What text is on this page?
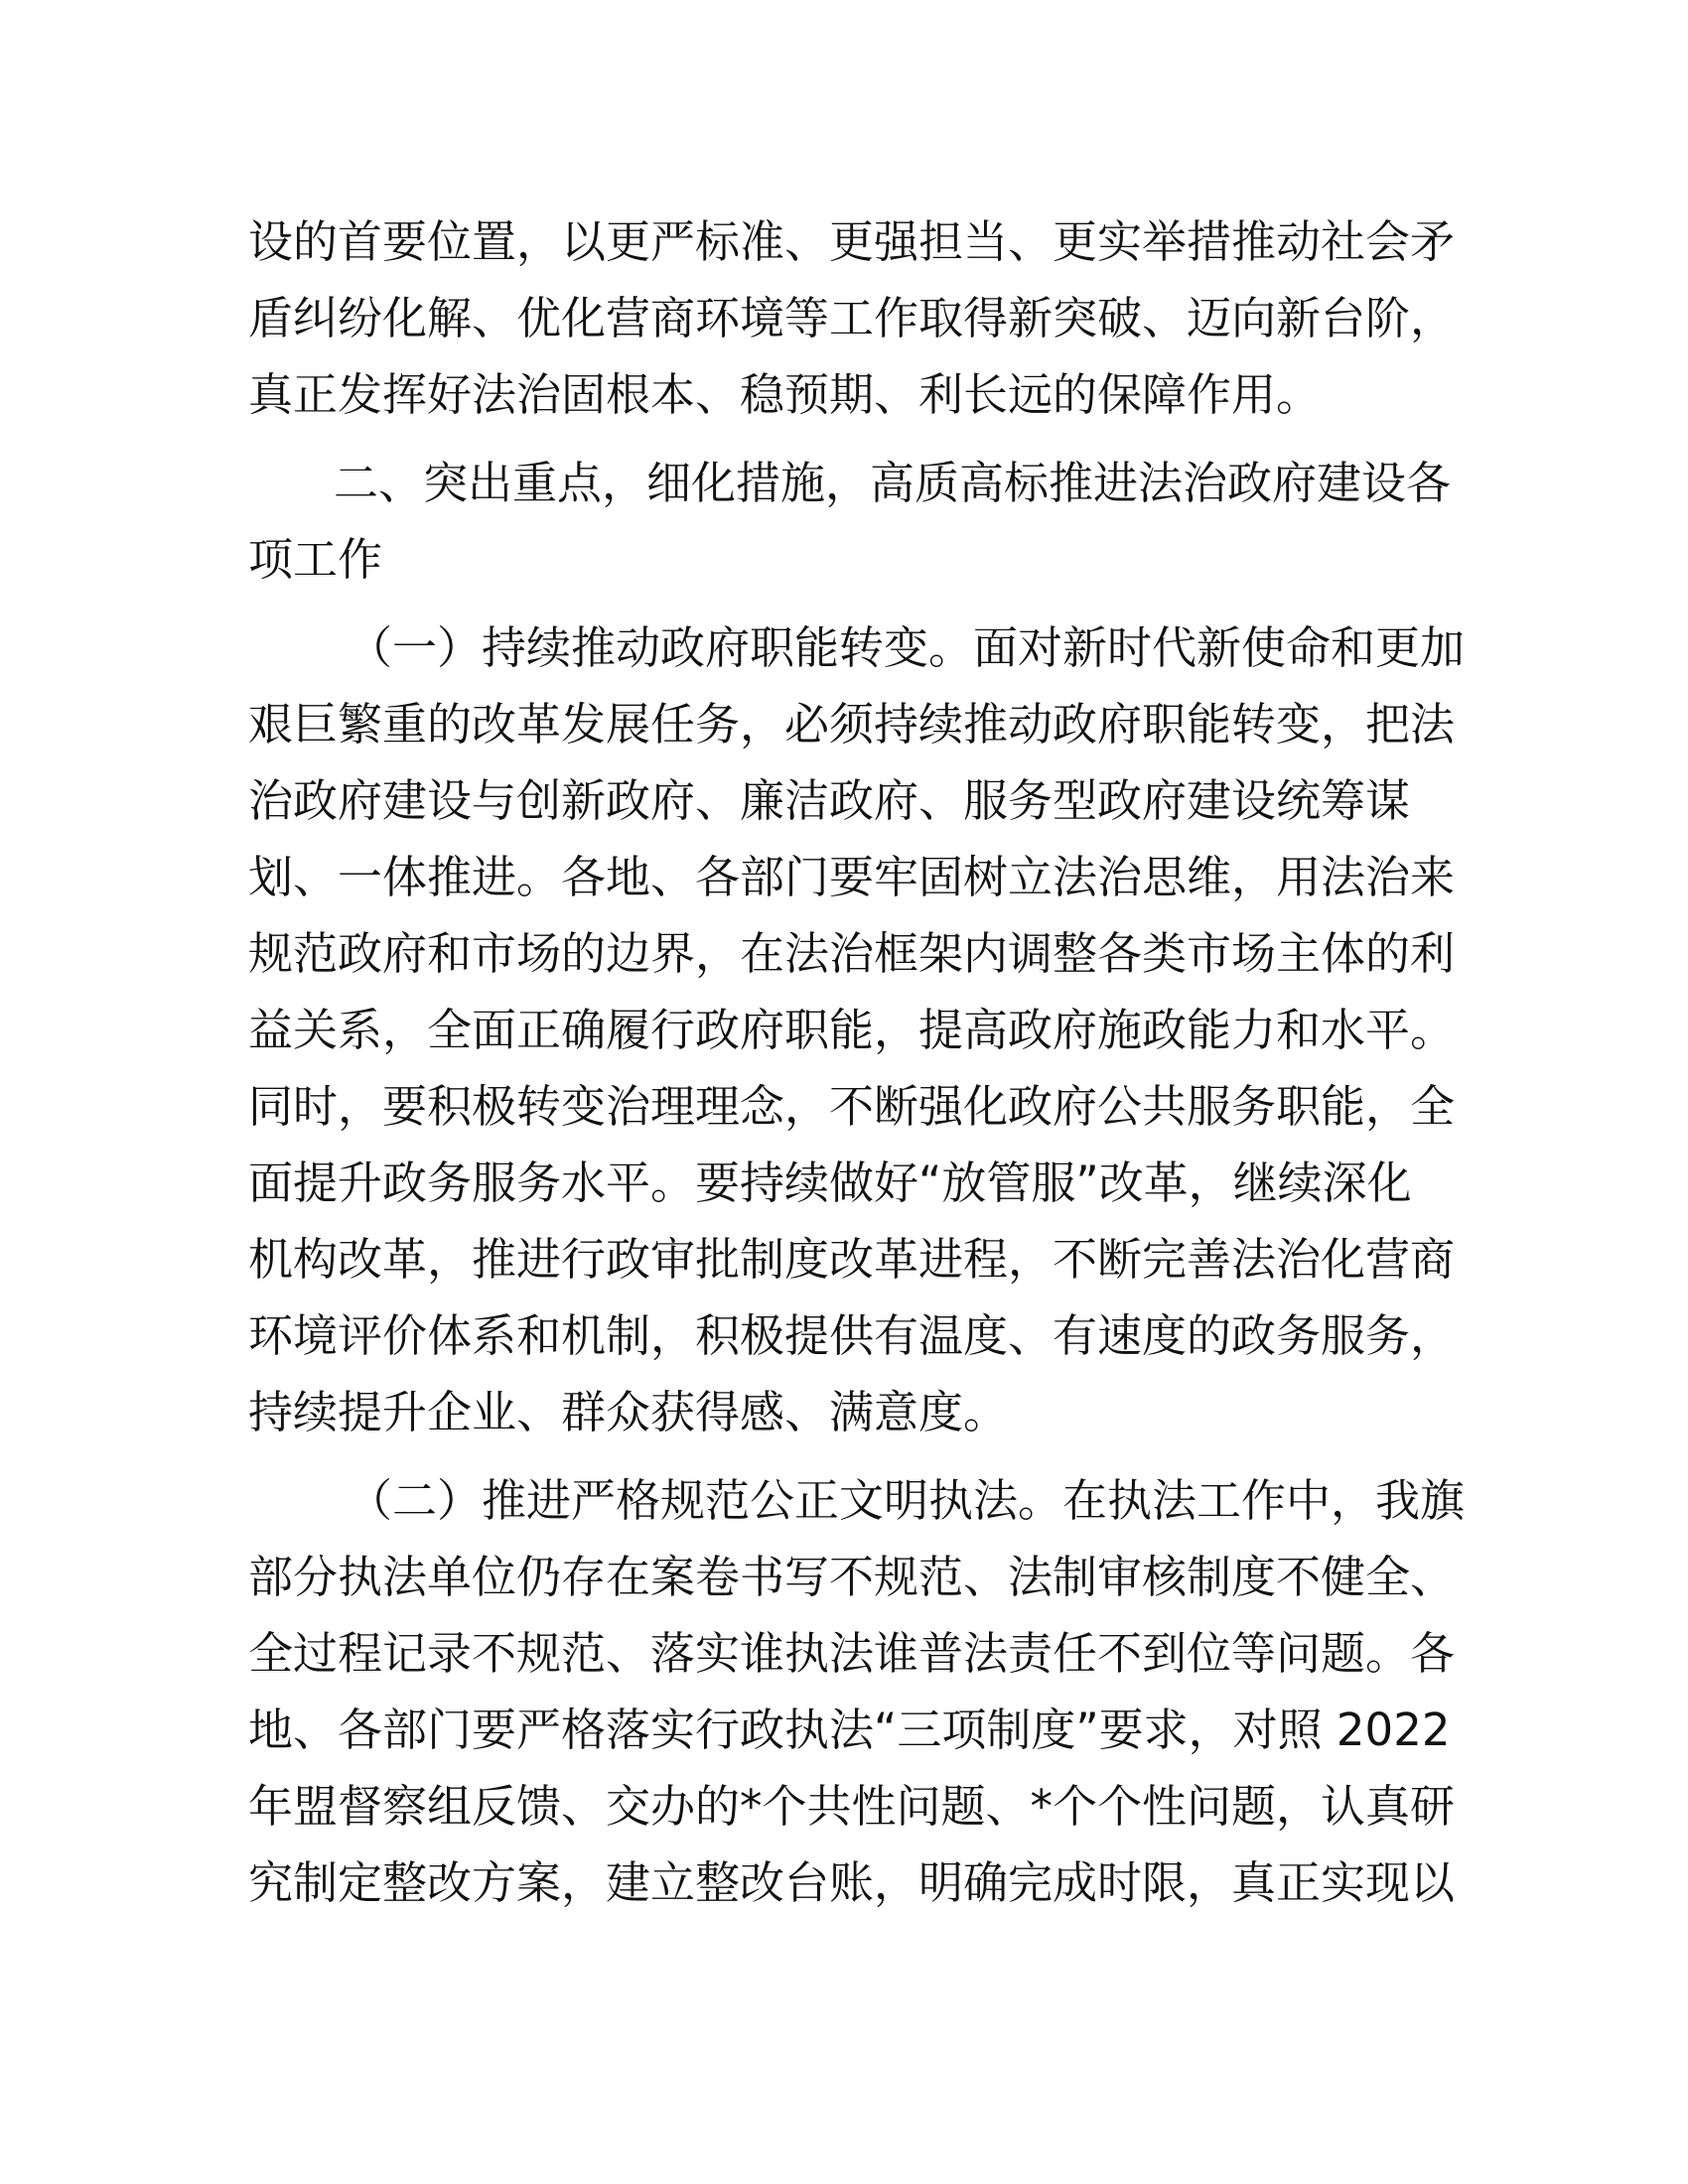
设的首要位置，以更严标准、更强担当、更实举措推动社会矛
盾纠纷化解、优化营商环境等工作取得新突破、迈向新台阶，
真正发挥好法治固根本、稳预期、利长远的保障作用。
二、突出重点，细化措施，高质高标推进法治政府建设各
项工作
（一）持续推动政府职能转变。面对新时代新使命和更加
艰巨繁重的改革发展任务，必须持续推动政府职能转变，把法
治政府建设与创新政府、廉洁政府、服务型政府建设统筹谋
划、一体推进。各地、各部门要牢固树立法治思维，用法治来
规范政府和市场的边界，在法治框架内调整各类市场主体的利
益关系，全面正确履行政府职能，提高政府施政能力和水平。
同时，要积极转变治理理念，不断强化政府公共服务职能，全
面提升政务服务水平。要持续做好“放管服”改革，继续深化
机构改革，推进行政审批制度改革进程，不断完善法治化营商
环境评价体系和机制，积极提供有温度、有速度的政务服务，
持续提升企业、群众获得感、满意度。
（二）推进严格规范公正文明执法。在执法工作中，我旗
部分执法单位仍存在案卷书写不规范、法制审核制度不健全、
全过程记录不规范、落实谁执法谁普法责任不到位等问题。各
地、各部门要严格落实行政执法“三项制度”要求，对照 2022
年盟督察组反馈、交办的*个共性问题、*个个性问题，认真研
究制定整改方案，建立整改台账，明确完成时限，真正实现以
